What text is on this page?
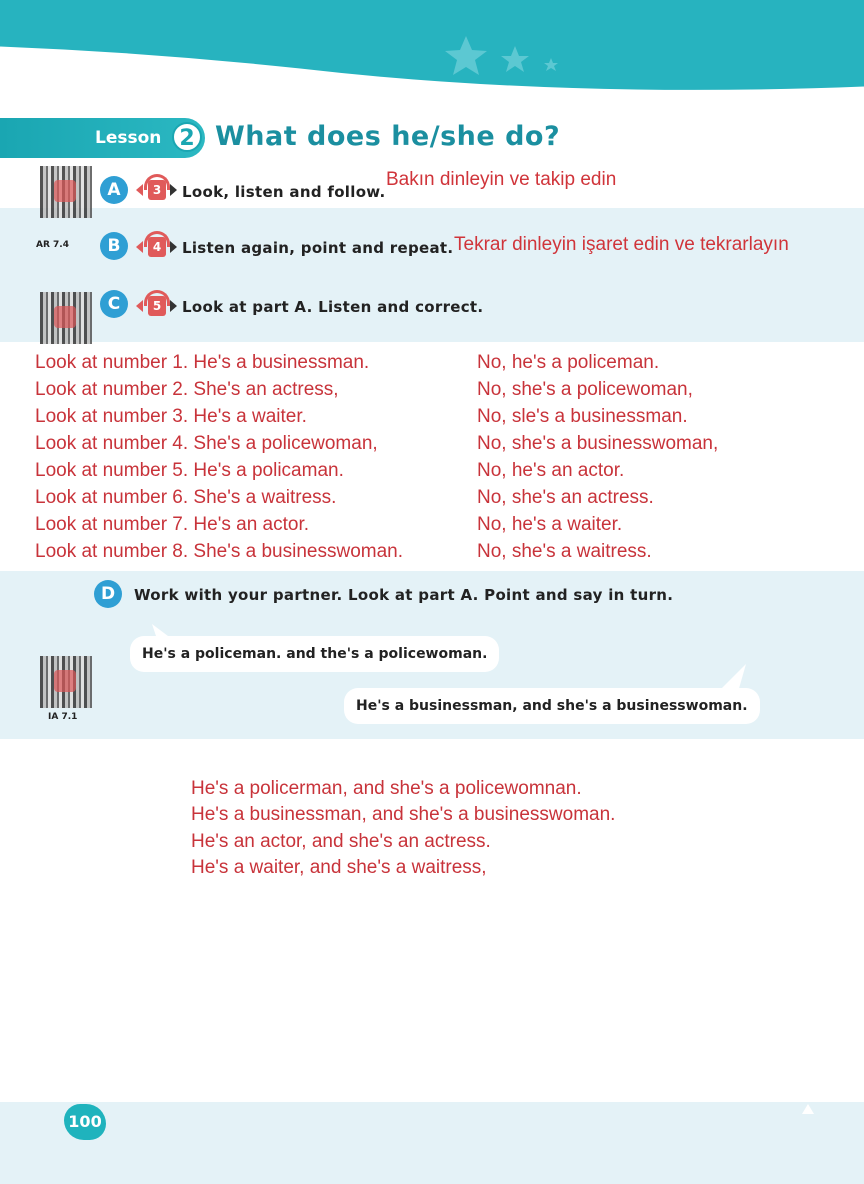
Lesson 2 What does he/she do?
A	3	Look, listen and follow.
Bakın dinleyin ve takip edin
AR 7.4	B	4	Listen again, point and repeat. Tekrar dinleyin işaret edin ve tekrarlayın
C	5	Look at part A. Listen and correct.
Look at number 1. He's a businessman.	No, he's a policeman.
Look at number 2. She's an actress,	No, she's a policewoman,
Look at number 3. He's a waiter.	No, sle's a businessman.
Look at number 4. She's a policewoman,	No, she's a businesswoman,
Look at number 5. He's a policaman.	No, he's an actor.
Look at number 6. She's a waitress.	No, she's an actress.
Look at number 7. He's an actor.	No, he's a waiter.
Look at number 8. She's a businesswoman.	No, she's a waitress.
D	Work with your partner. Look at part A. Point and say in turn.
IA 7.1
He's a policeman. and the's a policewoman.
He's a businessman, and she's a businesswoman.
He's a policerman, and she's a policewomnan.
He's a businessman, and she's a businesswoman.
He's an actor, and she's an actress.
He's a waiter, and she's a waitress,
100
